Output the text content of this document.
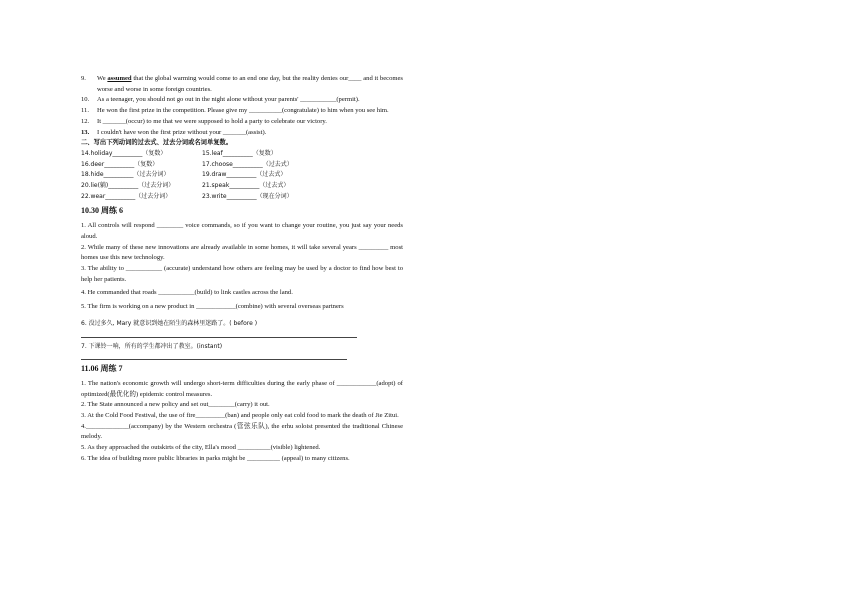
9. We assumed that the global warming would come to an end one day, but the reality denies our____ and it becomes worse and worse in some foreign countries.
10. As a teenager, you should not go out in the night alone without your parents' ___________(permit).
11. He won the first prize in the competition. Please give my __________(congratulate) to him when you see him.
12. It _______(occur) to me that we were supposed to hold a party to celebrate our victory.
13. I couldn't have won the first prize without your _______(assist).
二、写出下列动词的过去式、过去分词或名词单复数。
14.holiday__________（复数）	15.leaf__________（复数）
16.deer__________（复数）	17.choose__________（过去式）
18.hide__________（过去分词）	19.draw__________（过去式）
20.lie(躺)__________（过去分词）	21.speak__________（过去式）
22.wear__________（过去分词）	23.write__________（现在分词）
10.30 周练 6
1. All controls will respond ________ voice commands, so if you want to change your routine, you just say your needs aloud.
2. While many of these new innovations are already available in some homes, it will take several years _________ most homes use this new technology.
3. The ability to ___________ (accurate) understand how others are feeling may be used by a doctor to find how best to help her patients.
4. He commanded that roads ___________(build) to link castles across the land.
5. The firm is working on a new product in ____________(combine) with several overseas partners
6. 没过多久, Mary 就意识到她在陌生的森林里迷路了。( before )
7. 下课铃一响，所有的学生都冲出了教室。(instant)
11.06 周练 7
1. The nation's economic growth will undergo short-term difficulties during the early phase of ____________(adopt) of optimized(最优化的) epidemic control measures.
2. The State announced a new policy and set out________(carry) it out.
3. At the Cold Food Festival, the use of fire_________(ban) and people only eat cold food to mark the death of Jie Zitui.
4._____________(accompany) by the Western orchestra (管弦乐队), the erhu soloist presented the traditional Chinese melody.
5. As they approached the outskirts of the city, Ella's mood __________(visible) lightened.
6. The idea of building more public libraries in parks might be __________ (appeal) to many citizens.
